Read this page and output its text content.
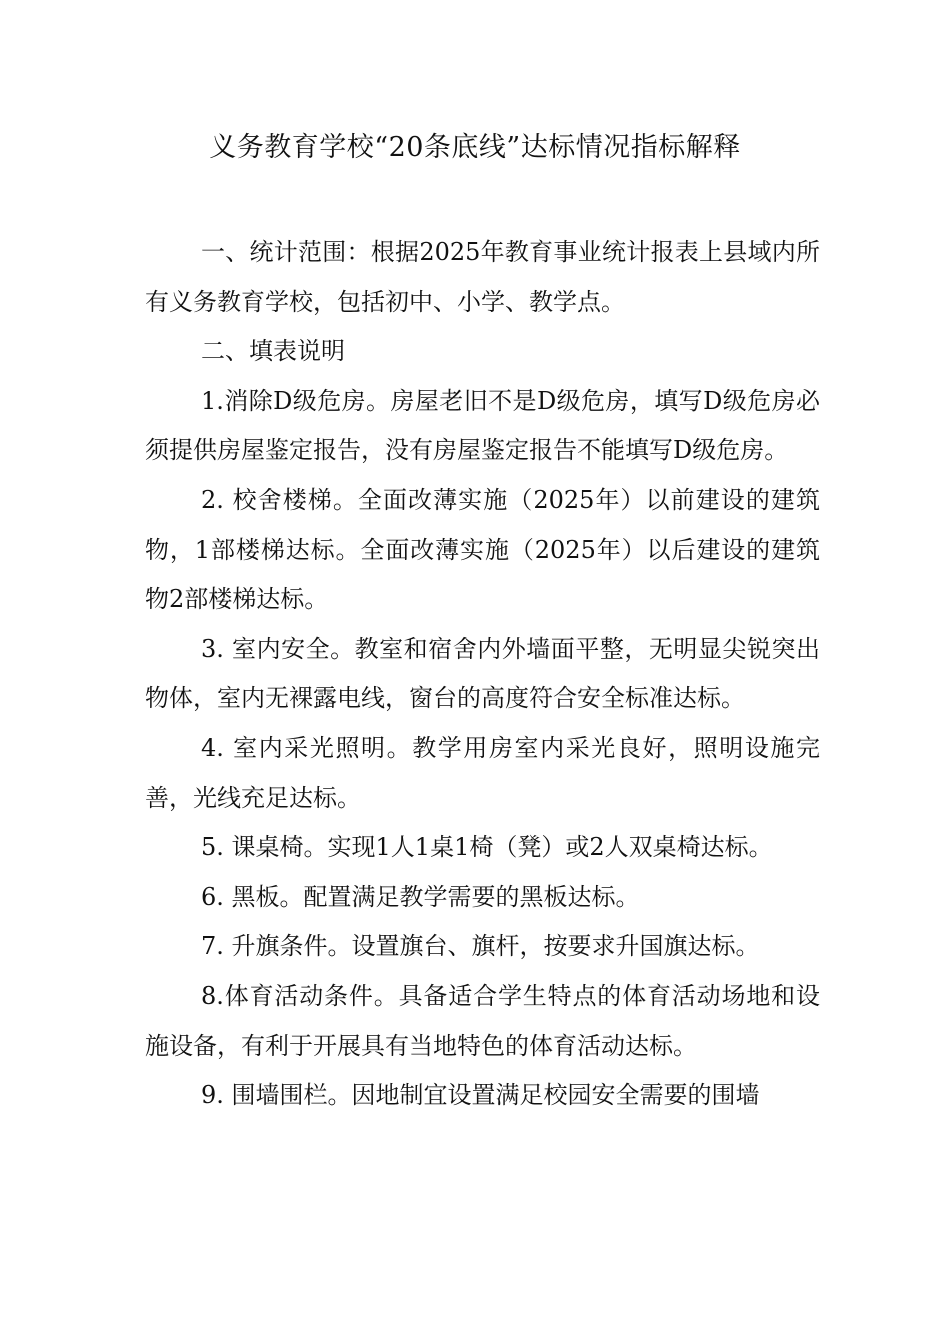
义务教育学校“20条底线”达标情况指标解释

一、统计范围：根据2025年教育事业统计报表上县域内所有义务教育学校，包括初中、小学、教学点。

二、填表说明

1.消除D级危房。房屋老旧不是D级危房，填写D级危房必须提供房屋鉴定报告，没有房屋鉴定报告不能填写D级危房。

2. 校舍楼梯。全面改薄实施（2025年）以前建设的建筑物，1部楼梯达标。全面改薄实施（2025年）以后建设的建筑物2部楼梯达标。

3. 室内安全。教室和宿舍内外墙面平整，无明显尖锐突出物体，室内无裸露电线，窗台的高度符合安全标准达标。

4. 室内采光照明。教学用房室内采光良好，照明设施完善，光线充足达标。

5. 课桌椅。实现1人1桌1椅（凳）或2人双桌椅达标。

6. 黑板。配置满足教学需要的黑板达标。

7. 升旗条件。设置旗台、旗杆，按要求升国旗达标。

8.体育活动条件。具备适合学生特点的体育活动场地和设施设备，有利于开展具有当地特色的体育活动达标。

9. 围墙围栏。因地制宜设置满足校园安全需要的围墙
